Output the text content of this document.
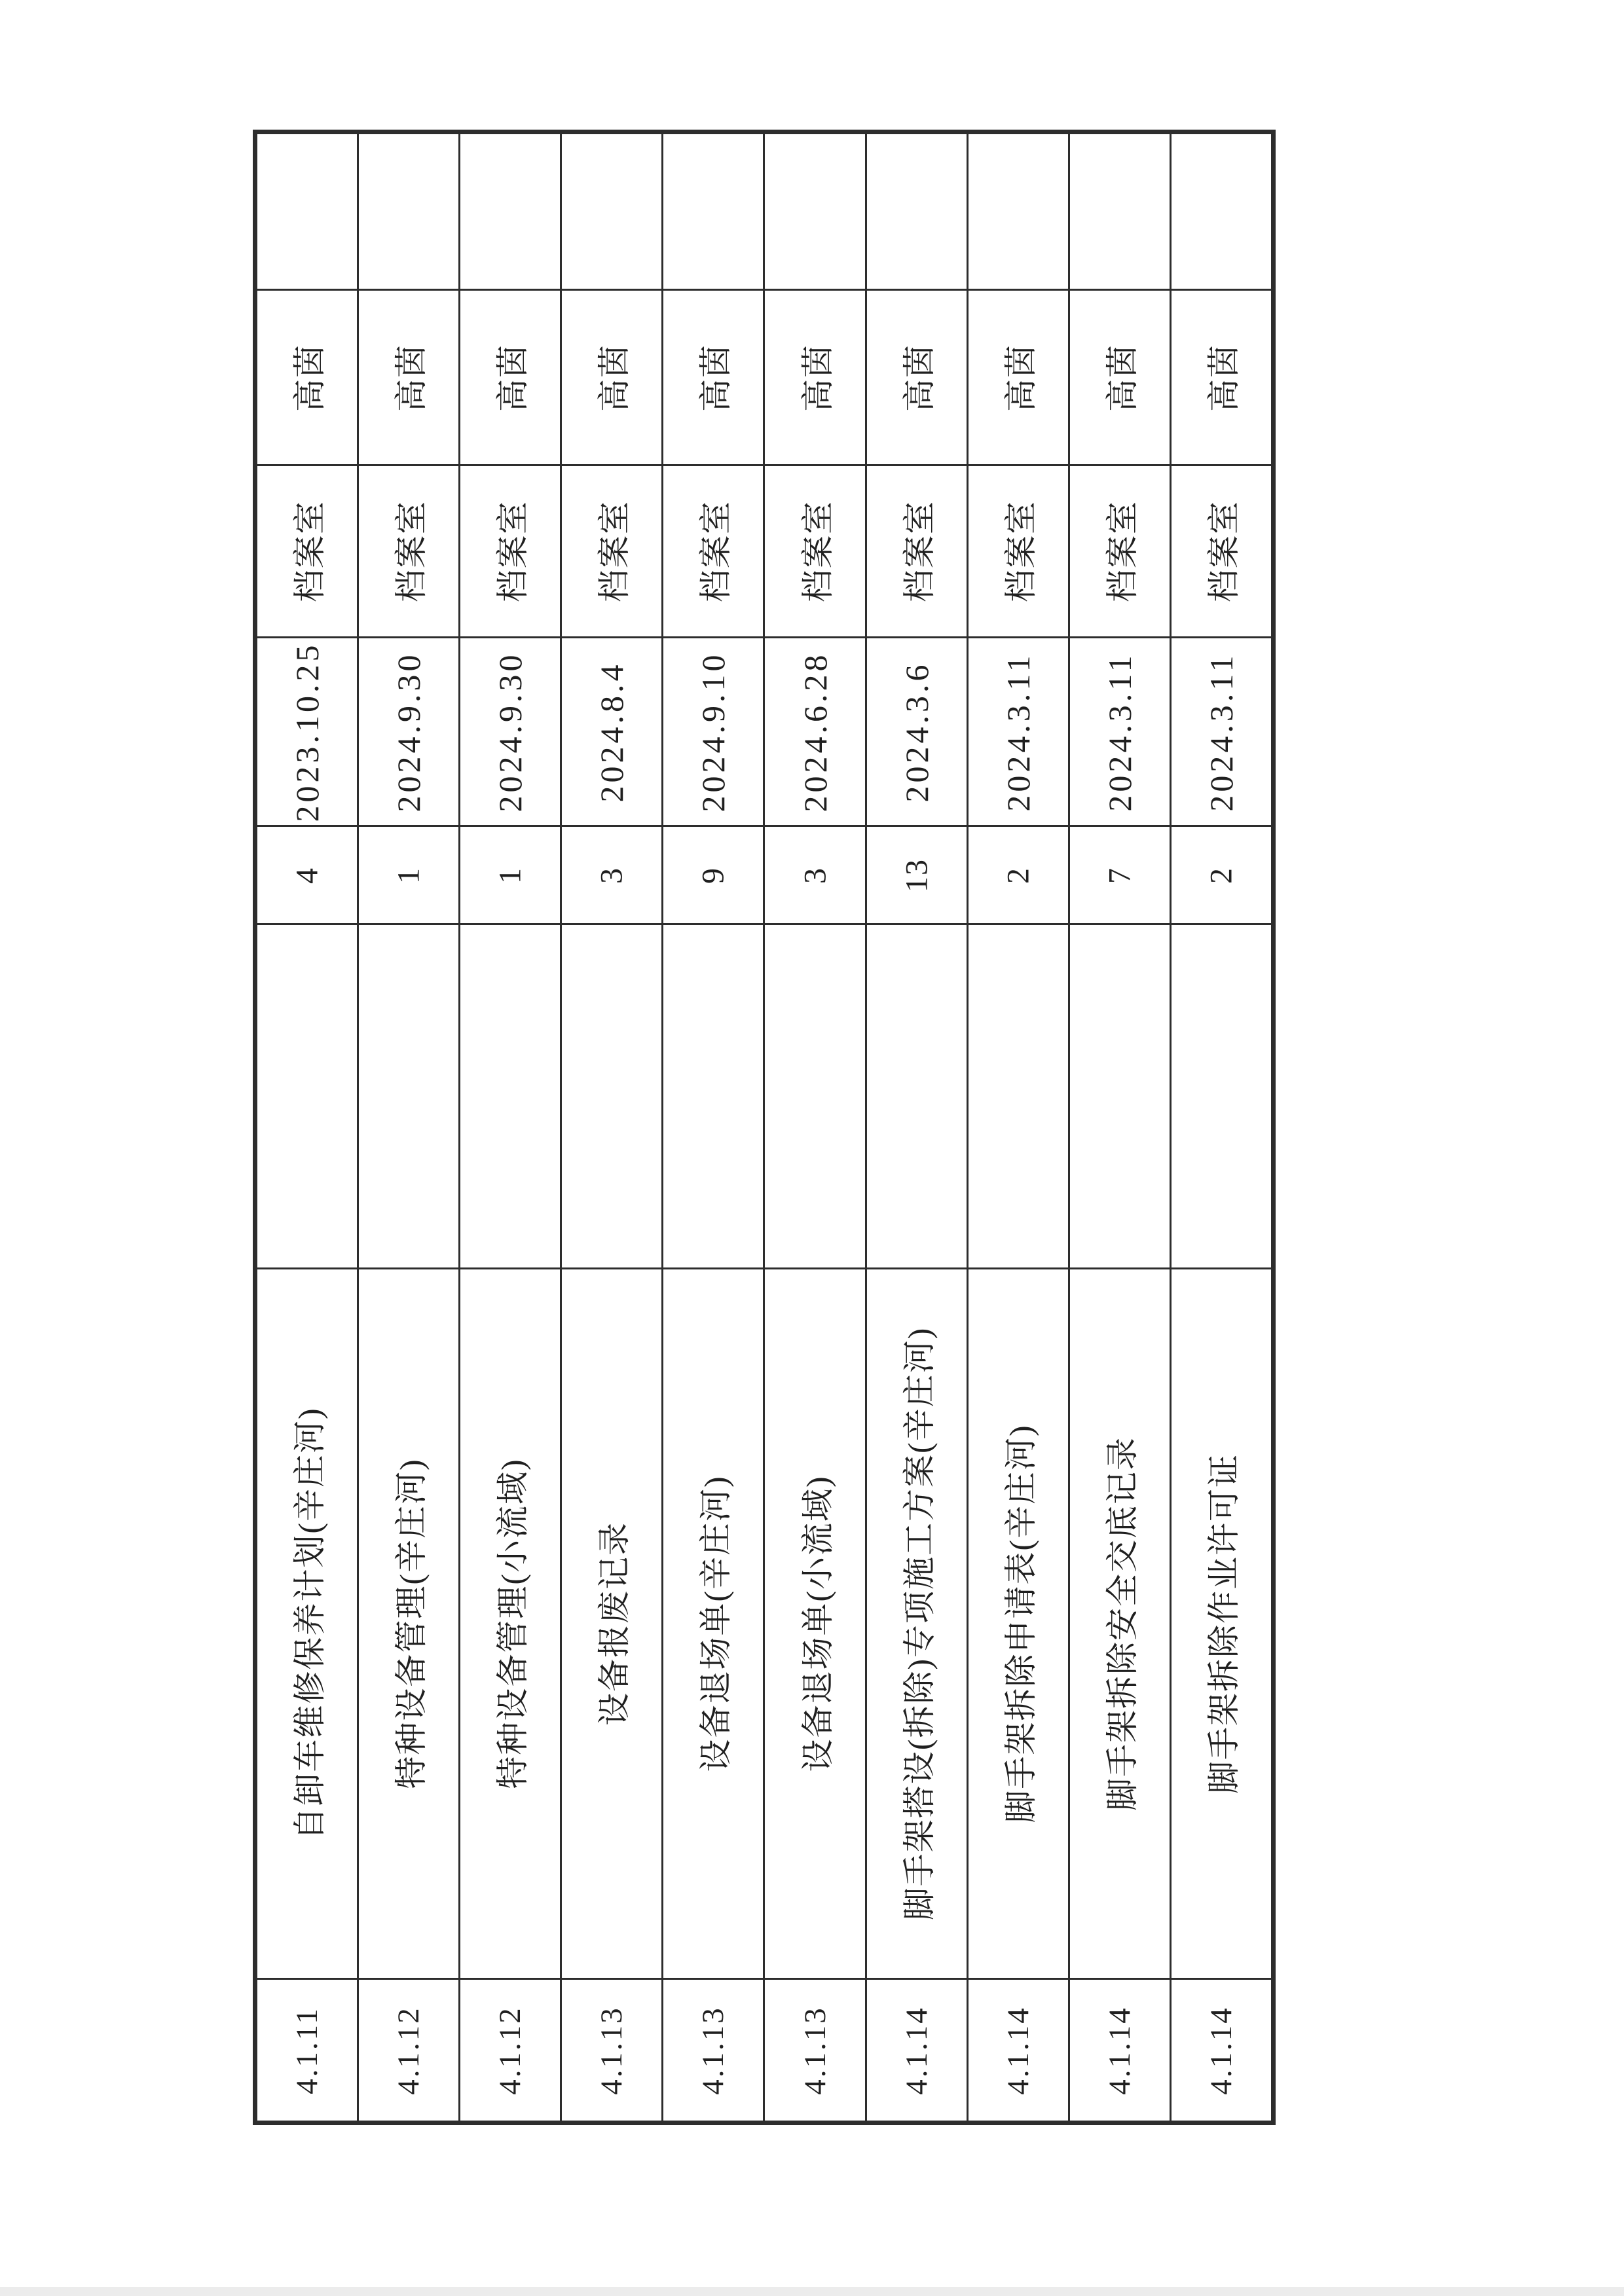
高茵
档案室
2023.10.25
4
自卸车维修保养计划(辛庄河)
4.1.11
高茵
档案室
2024.9.30
1
特种设备管理(辛庄河)
4.1.12
高茵
档案室
2024.9.30
1
特种设备管理(小流域)
4.1.12
高茵
档案室
2024.8.4
3
设备报废记录
4.1.13
高茵
档案室
2024.9.10
9
设备退场单(辛庄河)
4.1.13
高茵
档案室
2024.6.28
3
设备退场单(小流域)
4.1.13
高茵
档案室
2024.3.6
13
脚手架搭设(拆除)专项施工方案(辛庄河)
4.1.14
高茵
档案室
2024.3.11
2
脚手架拆除申请表(辛庄河)
4.1.14
高茵
档案室
2024.3.11
7
脚手架拆除安全交底记录
4.1.14
高茵
档案室
2024.3.11
2
脚手架拆除作业许可证
4.1.14
